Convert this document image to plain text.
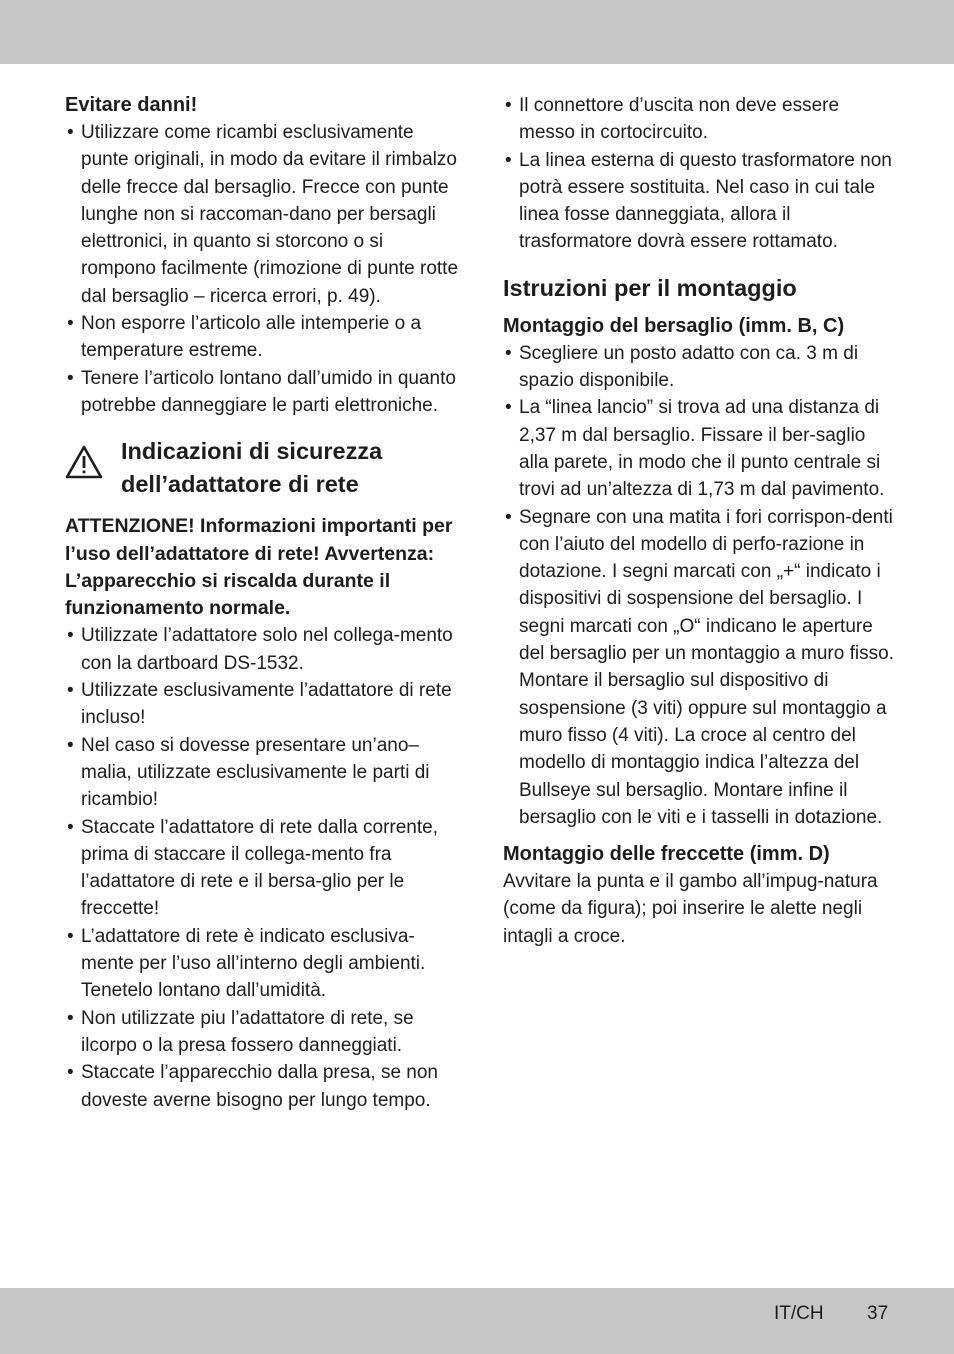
Evitare danni!
• Utilizzare come ricambi esclusivamente punte originali, in modo da evitare il rimbalzo delle frecce dal bersaglio. Frecce con punte lunghe non si raccoman-dano per bersagli elettronici, in quanto si storcono o si rompono facilmente (rimozione di punte rotte dal bersaglio – ricerca errori, p. 49).
• Non esporre l’articolo alle intemperie o a temperature estreme.
• Tenere l’articolo lontano dall’umido in quanto potrebbe danneggiare le parti elettroniche.
Indicazioni di sicurezza dell’adattatore di rete

ATTENZIONE! Informazioni importanti per l’uso dell’adattatore di rete! Avvertenza: L’apparecchio si riscalda durante il funzionamento normale.

• Utilizzate l’adattatore solo nel collega-mento con la dartboard DS-1532.
• Utilizzate esclusivamente l’adattatore di rete incluso!
• Nel caso si dovesse presentare un’ano–malia, utilizzate esclusivamente le parti di ricambio!
• Staccate l’adattatore di rete dalla corrente, prima di staccare il collega-mento fra l’adattatore di rete e il bersa-glio per le freccette!
• L’adattatore di rete è indicato esclusiva-mente per l’uso all’interno degli ambienti. Tenetelo lontano dall’umidità.
• Non utilizzate piu l’adattatore di rete, se ilcorpo o la presa fossero danneggiati.
• Staccate l’apparecchio dalla presa, se non doveste averne bisogno per lungo tempo.
• Il connettore d’uscita non deve essere messo in cortocircuito.
• La linea esterna di questo trasformatore non potrà essere sostituita. Nel caso in cui tale linea fosse danneggiata, allora il trasformatore dovrà essere rottamato.
Istruzioni per il montaggio
Montaggio del bersaglio (imm. B, C)
• Scegliere un posto adatto con ca. 3 m di spazio disponibile.
• La “linea lancio” si trova ad una distanza di 2,37 m dal bersaglio. Fissare il ber-saglio alla parete, in modo che il punto centrale si trovi ad un’altezza di 1,73 m dal pavimento.
• Segnare con una matita i fori corrispon-denti con l’aiuto del modello di perfo-razione in dotazione. I segni marcati con „+“ indicato i dispositivi di sospensione del bersaglio. I segni marcati con „O“ indicano le aperture del bersaglio per un montaggio a muro fisso. Montare il bersaglio sul dispositivo di sospensione (3 viti) oppure sul montaggio a muro fisso (4 viti). La croce al centro del modello di montaggio indica l’altezza del Bullseye sul bersaglio. Montare infine il bersaglio con le viti e i tasselli in dotazione.
Montaggio delle freccette (imm. D)

Avvitare la punta e il gambo all’impug-natura (come da figura); poi inserire le alette negli intagli a croce.

IT/CH 37
